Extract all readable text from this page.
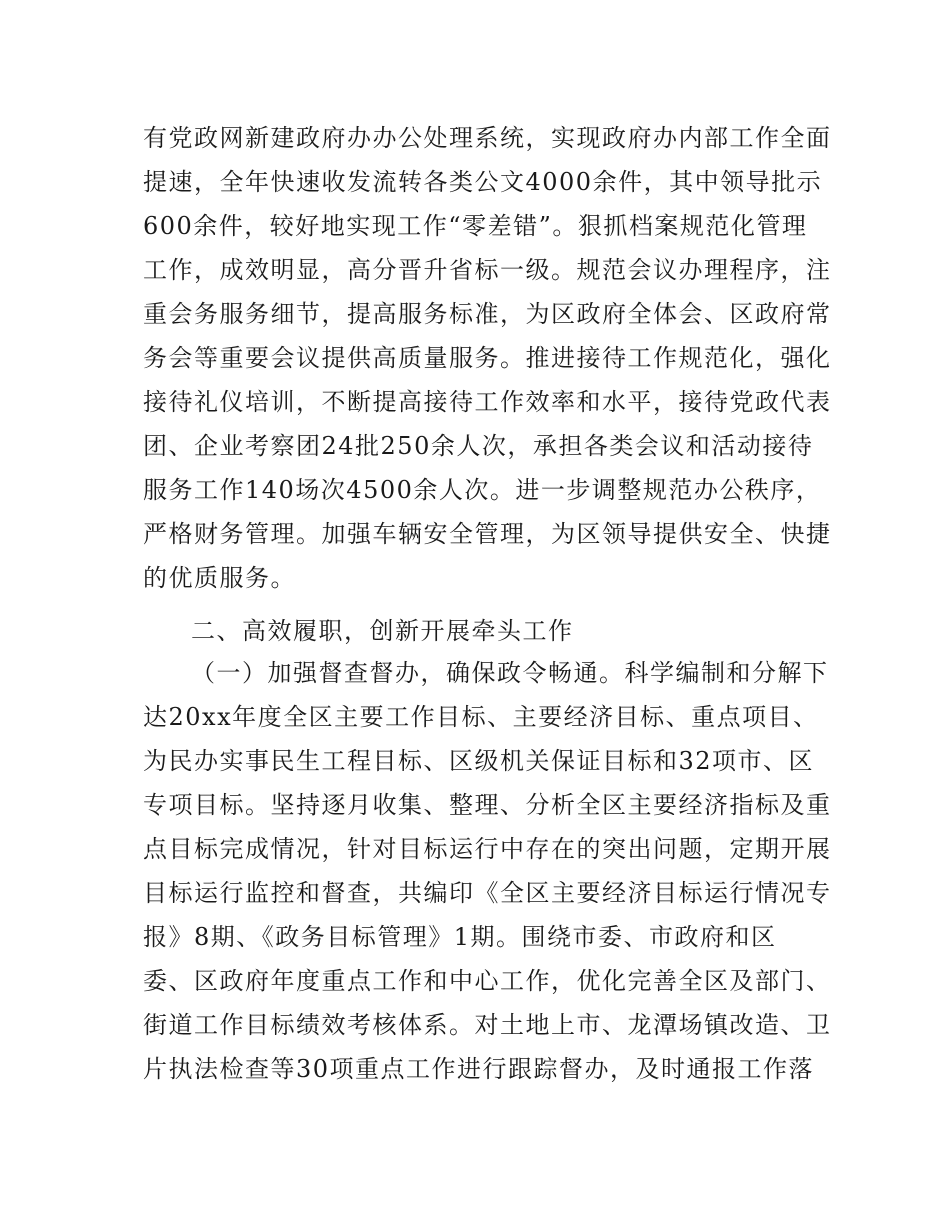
有党政网新建政府办办公处理系统，实现政府办内部工作全面
提速，全年快速收发流转各类公文4000余件，其中领导批示
600余件，较好地实现工作“零差错”。狠抓档案规范化管理
工作，成效明显，高分晋升省标一级。规范会议办理程序，注
重会务服务细节，提高服务标准，为区政府全体会、区政府常
务会等重要会议提供高质量服务。推进接待工作规范化，强化
接待礼仪培训，不断提高接待工作效率和水平，接待党政代表
团、企业考察团24批250余人次，承担各类会议和活动接待
服务工作140场次4500余人次。进一步调整规范办公秩序，
严格财务管理。加强车辆安全管理，为区领导提供安全、快捷
的优质服务。
二、高效履职，创新开展牵头工作
（一）加强督查督办，确保政令畅通。科学编制和分解下
达20xx年度全区主要工作目标、主要经济目标、重点项目、
为民办实事民生工程目标、区级机关保证目标和32项市、区
专项目标。坚持逐月收集、整理、分析全区主要经济指标及重
点目标完成情况，针对目标运行中存在的突出问题，定期开展
目标运行监控和督查，共编印《全区主要经济目标运行情况专
报》8期、《政务目标管理》1期。围绕市委、市政府和区
委、区政府年度重点工作和中心工作，优化完善全区及部门、
街道工作目标绩效考核体系。对土地上市、龙潭场镇改造、卫
片执法检查等30项重点工作进行跟踪督办，及时通报工作落
